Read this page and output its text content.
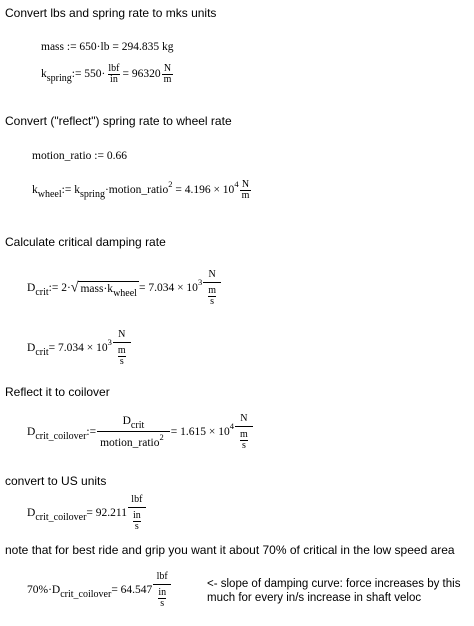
Convert lbs and spring rate to mks units
Convert ("reflect") spring rate to wheel rate
Calculate critical damping rate
Reflect it to coilover
convert to US units
note that for best ride and grip you want it about 70% of critical in the low speed area
mass := 650·lb = 294.835 kg
kspring:= $550\cdot \frac{\text{lbf}}{in} = 96320 \frac{N}{m}$
motion_ratio := 0.66
kwheel:= kspring·motion_ratio$^2$ = $4.196 \times 10^4 \frac{N}{m}$
Dcrit:= 2·√ mass·kwheel= $7.034 \times 10^3 \frac{N}{\frac{m}{s}}$
Dcrit= $7.034 \times 10^3 \frac{N}{\frac{m}{s}}$
Dcrit_coilover:= $\frac{\text{Dcrit}}{motion\_ratio^2} = 1.615 \times 10^4 \frac{N}{\frac{m}{s}}$
Dcrit_coilover= $92.211 \frac{\text{lbf}}{\frac{in}{s}}$
70%·Dcrit_coilover= $64.547 \frac{\text{lbf}}{\frac{in}{s}}$	<- slope of damping curve: force increases by this
much for every in/s increase in shaft veloc
